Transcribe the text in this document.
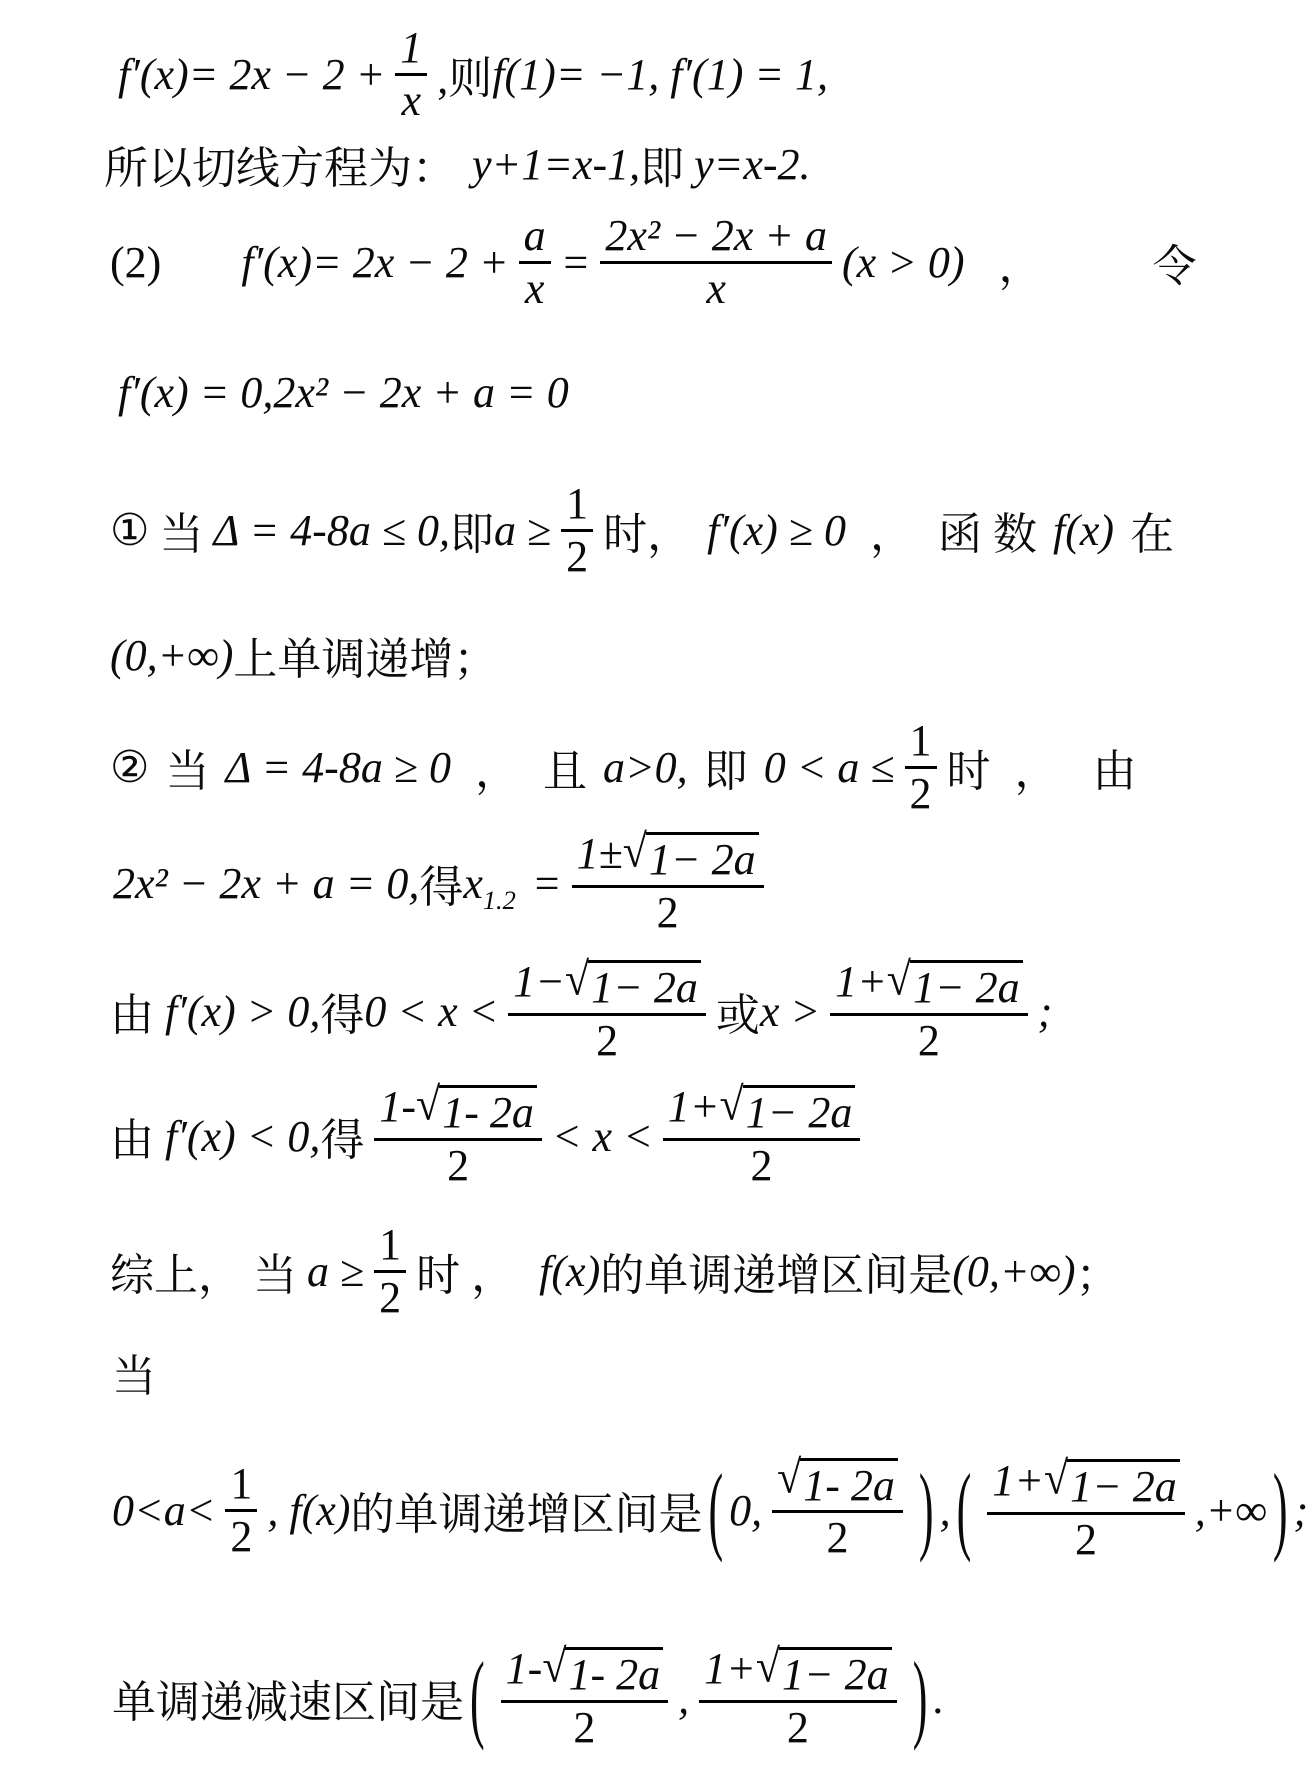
$f'(x)= 2x - 2 + \frac{1}{x}$ ,则 f(1)= −1, f′(1) = 1,
所以切线方程为： y+1=x-1, 即 y=x-2.
(2) $f'(x)= 2x - 2 + \frac{a}{x} = \frac{\text{2x² − 2x + a}}{x} (x > 0)$ ，	令
f′(x) = 0,2x² − 2x + a = 0
① 当 Δ = 4-8a ≤ 0, 即 $a \ge \frac{1}{2}$ 时， f′(x) ≥ 0 ， 函 数 f(x) 在
(0,+∞) 上单调递增；
② 当 Δ = 4-8a ≥ 0 ， 且 a>0, 即 $0 < a \le \frac{1}{2}$ 时 ， 由
2x² − 2x + a = 0, 得 x $1.2 = \frac{1\pm √ 1- 2a}{2}$
由 f′(x) > 0, 得 $0 < x < \frac{1- √ 1- 2a}{2}$ 或 $x > \frac{1+ √ 1- 2a}{2}$ ;
由 f′(x) < 0, 得 $\frac{1- √ 1- 2a}{2} < x < \frac{1+ √ 1- 2a}{2}$
综上， 当 $a \ge \frac{1}{2}$ 时 ， f(x) 的单调递增区间是 (0,+∞) ；
当
$0<a< \frac{1}{2}$ , f(x) 的单调递增区间是 ( 0, $\frac{√ 1- 2a}{2}$ ) , ( $\frac{1+ √ 1- 2a}{2}$ ,+∞ ) ;
单调递减速区间是 ( $\frac{1- √ 1- 2a}{2}$ , $\frac{1+ √ 1- 2a}{2}$ ) .
